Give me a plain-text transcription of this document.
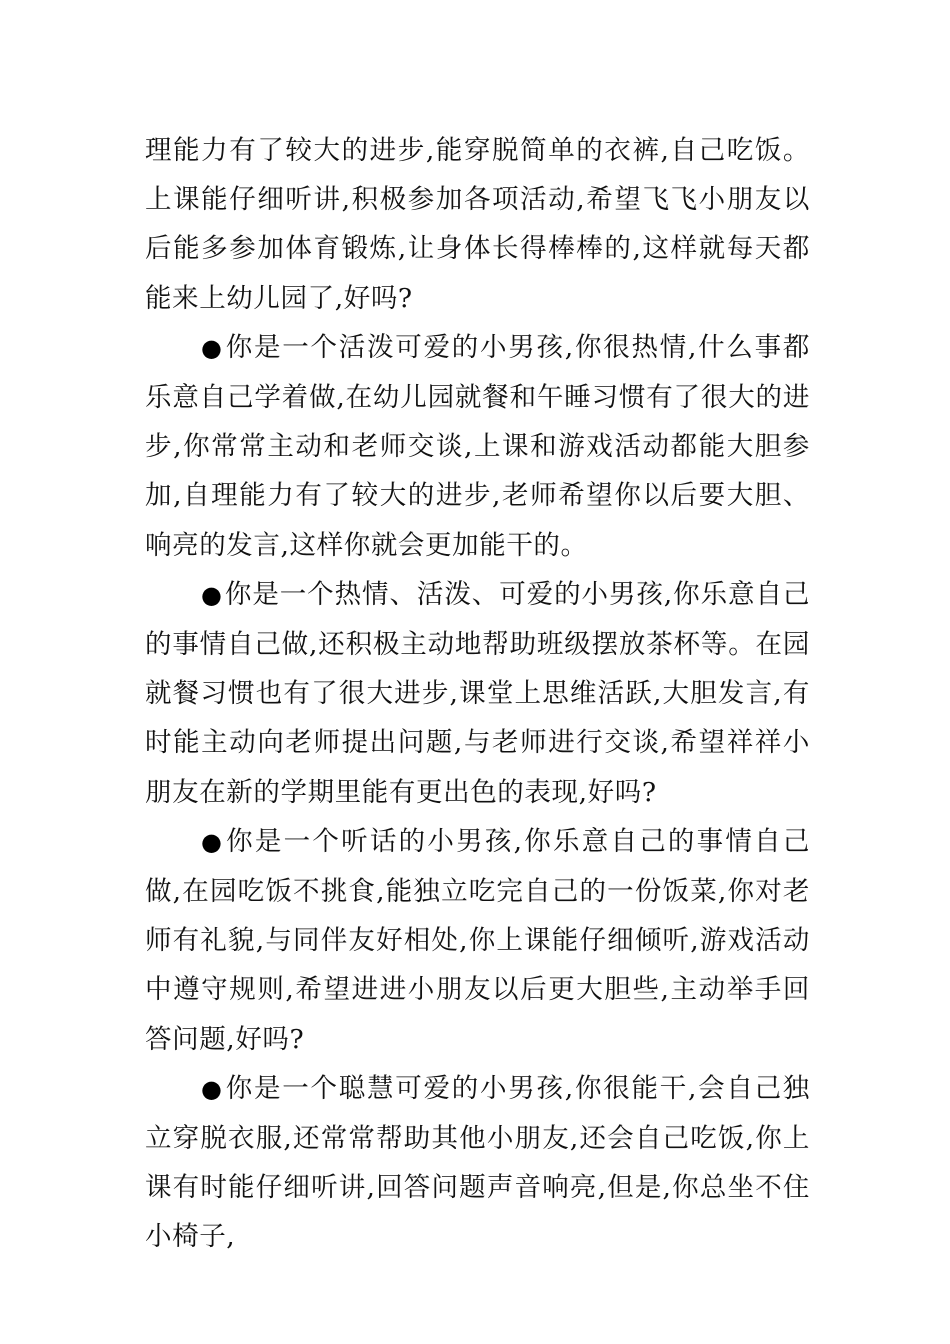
理能力有了较大的进步,能穿脱简单的衣裤,自己吃饭。上课能仔细听讲,积极参加各项活动,希望飞飞小朋友以后能多参加体育锻炼,让身体长得棒棒的,这样就每天都能来上幼儿园了,好吗?

●你是一个活泼可爱的小男孩,你很热情,什么事都乐意自己学着做,在幼儿园就餐和午睡习惯有了很大的进步,你常常主动和老师交谈,上课和游戏活动都能大胆参加,自理能力有了较大的进步,老师希望你以后要大胆、响亮的发言,这样你就会更加能干的。

●你是一个热情、活泼、可爱的小男孩,你乐意自己的事情自己做,还积极主动地帮助班级摆放茶杯等。在园就餐习惯也有了很大进步,课堂上思维活跃,大胆发言,有时能主动向老师提出问题,与老师进行交谈,希望祥祥小朋友在新的学期里能有更出色的表现,好吗?

●你是一个听话的小男孩,你乐意自己的事情自己做,在园吃饭不挑食,能独立吃完自己的一份饭菜,你对老师有礼貌,与同伴友好相处,你上课能仔细倾听,游戏活动中遵守规则,希望进进小朋友以后更大胆些,主动举手回答问题,好吗?

●你是一个聪慧可爱的小男孩,你很能干,会自己独立穿脱衣服,还常常帮助其他小朋友,还会自己吃饭,你上课有时能仔细听讲,回答问题声音响亮,但是,你总坐不住小椅子,
